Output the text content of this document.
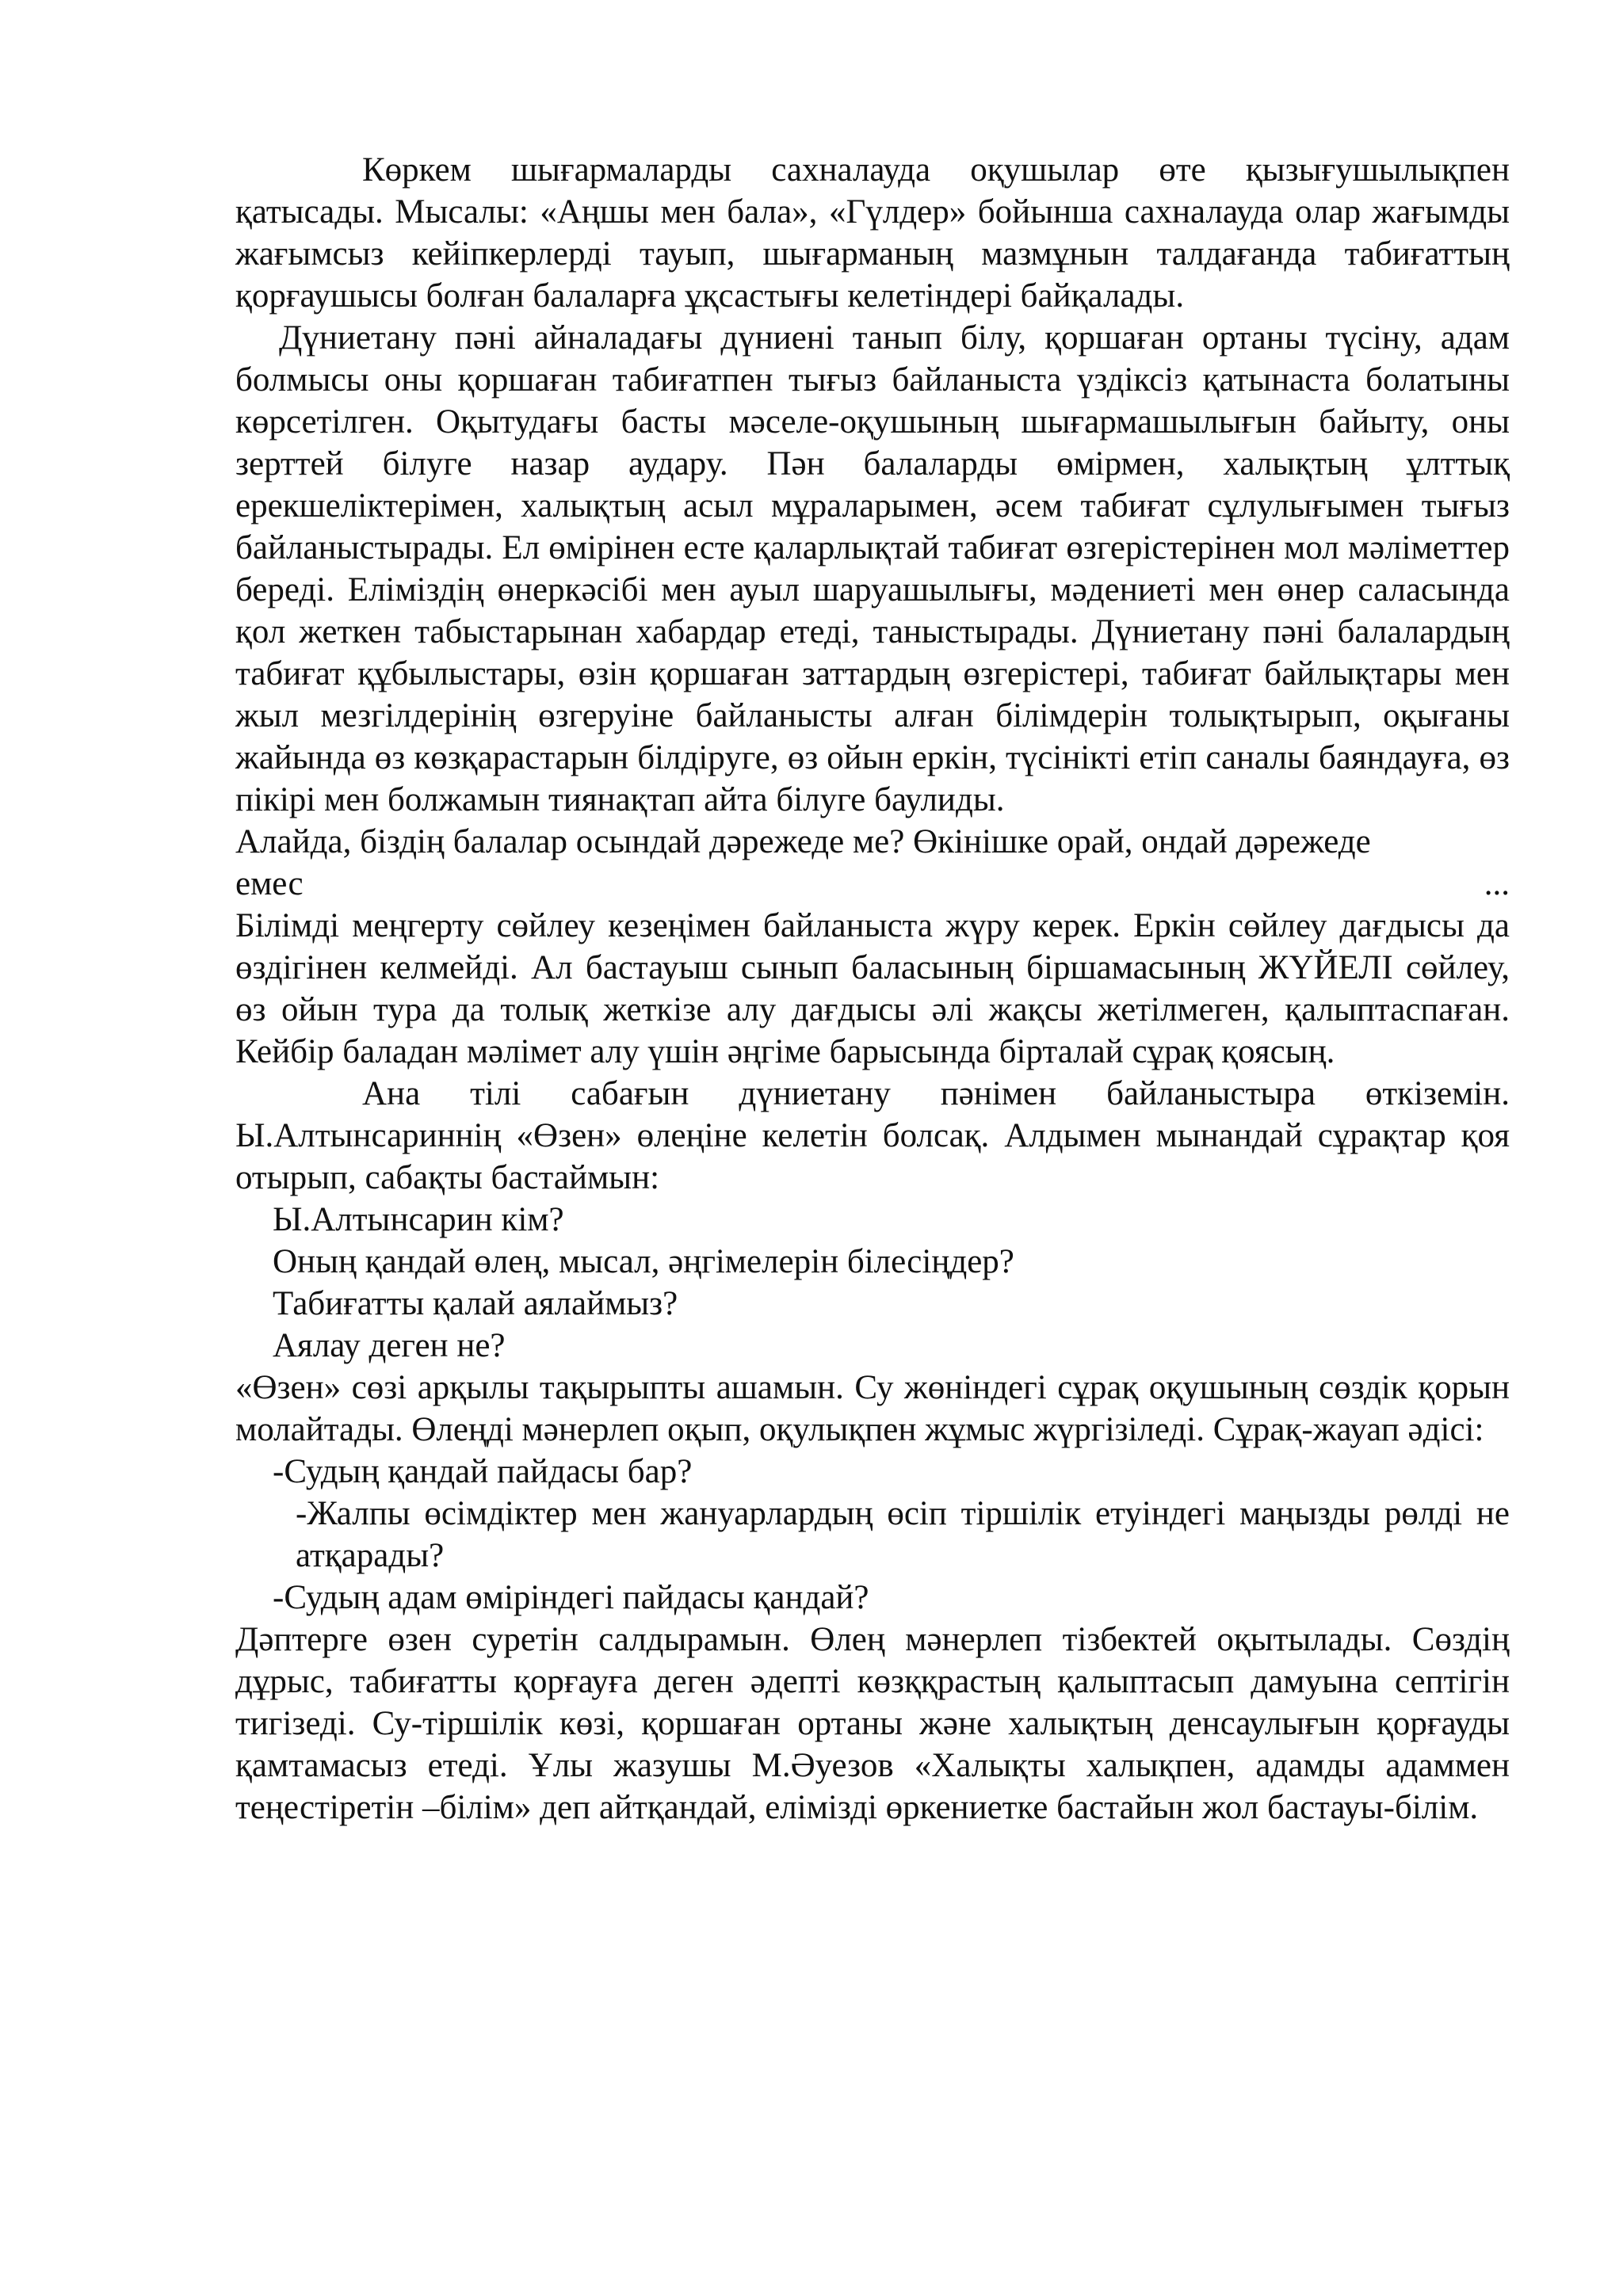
Көркем шығармаларды сахналауда оқушылар өте қызығушылықпен қатысады. Мысалы: «Аңшы мен бала», «Гүлдер» бойынша сахналауда олар жағымды жағымсыз кейіпкерлерді тауып, шығарманың мазмұнын талдағанда табиғаттың қорғаушысы болған балаларға ұқсастығы келетіндері байқалады.

Дүниетану пәні айналадағы дүниені танып білу, қоршаған ортаны түсіну, адам болмысы оны қоршаған табиғатпен тығыз байланыста үздіксіз қатынаста болатыны көрсетілген. Оқытудағы басты мәселе-оқушының шығармашылығын байыту, оны зерттей білуге назар аудару. Пән балаларды өмірмен, халықтың ұлттық ерекшеліктерімен, халықтың асыл мұраларымен, әсем табиғат сұлулығымен тығыз байланыстырады. Ел өмірінен есте қаларлықтай табиғат өзгерістерінен мол мәліметтер береді. Еліміздің өнеркәсібі мен ауыл шаруашылығы, мәдениеті мен өнер саласында қол жеткен табыстарынан хабардар етеді, таныстырады. Дүниетану пәні балалардың табиғат құбылыстары, өзін қоршаған заттардың өзгерістері, табиғат байлықтары мен жыл мезгілдерінің өзгеруіне байланысты алған білімдерін толықтырып, оқығаны жайында өз көзқарастарын білдіруге, өз ойын еркін, түсінікті етіп саналы баяндауға, өз пікірі мен болжамын тиянақтап айта білуге баулиды.

Алайда, біздің балалар осындай дәрежеде ме? Өкінішке орай, ондай дәрежеде

емес	...

Білімді меңгерту сөйлеу кезеңімен байланыста жүру керек. Еркін сөйлеу дағдысы да өздігінен келмейді. Ал бастауыш сынып баласының біршамасының ЖҮЙЕЛІ сөйлеу, өз ойын тура да толық жеткізе алу дағдысы әлі жақсы жетілмеген, қалыптаспаған. Кейбір баладан мәлімет алу үшін әңгіме барысында бірталай сұрақ қоясың.

Ана тілі сабағын дүниетану пәнімен байланыстыра өткіземін. Ы.Алтынсариннің «Өзен» өлеңіне келетін болсақ. Алдымен мынандай сұрақтар қоя отырып, сабақты бастаймын:

Ы.Алтынсарин кім?

Оның қандай өлең, мысал, әңгімелерін білесіңдер?

Табиғатты қалай аялаймыз?

Аялау деген не?

«Өзен» сөзі арқылы тақырыпты ашамын. Су жөніндегі сұрақ оқушының сөздік қорын молайтады. Өлеңді мәнерлеп оқып, оқулықпен жұмыс жүргізіледі. Сұрақ-жауап әдісі:

-Судың қандай пайдасы бар?

-Жалпы өсімдіктер мен жануарлардың өсіп тіршілік етуіндегі маңызды рөлді не атқарады?

-Судың адам өміріндегі пайдасы қандай?

Дәптерге өзен суретін салдырамын. Өлең мәнерлеп тізбектей оқытылады. Сөздің дұрыс, табиғатты қорғауға деген әдепті көзққрастың қалыптасып дамуына септігін тигізеді. Су-тіршілік көзі, қоршаған ортаны және халықтың денсаулығын қорғауды қамтамасыз етеді. Ұлы жазушы М.Әуезов «Халықты халықпен, адамды адаммен теңестіретін –білім» деп айтқандай, елімізді өркениетке бастайын жол бастауы-білім.
